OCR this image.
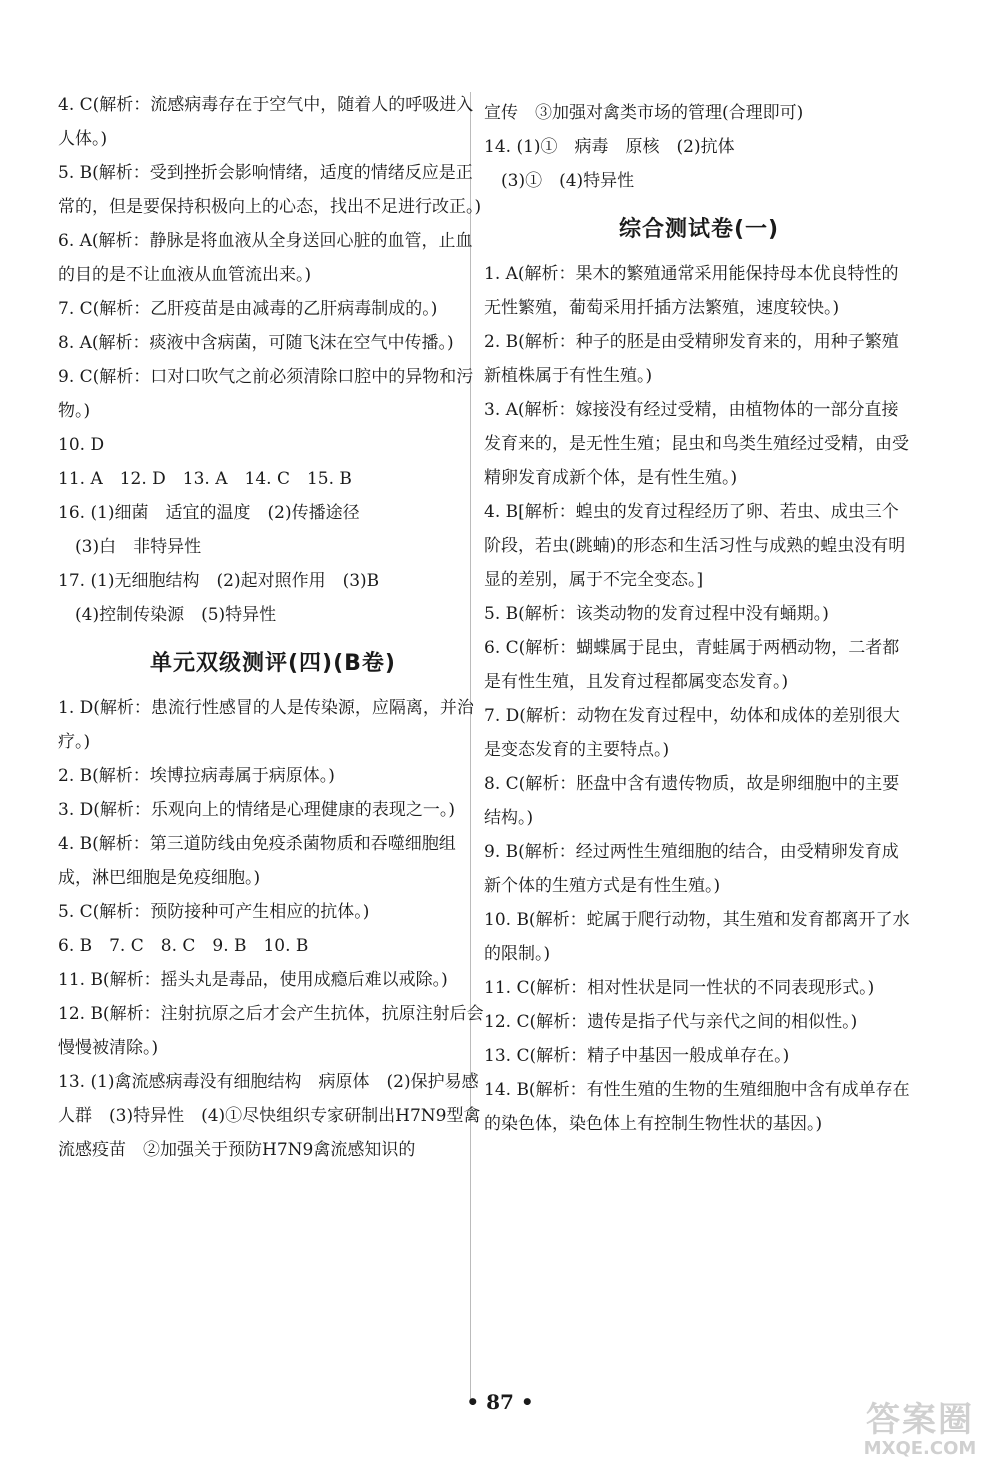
4. C(解析：流感病毒存在于空气中，随着人的呼吸进入人体。)

5. B(解析：受到挫折会影响情绪，适度的情绪反应是正常的，但是要保持积极向上的心态，找出不足进行改正。)

6. A(解析：静脉是将血液从全身送回心脏的血管，止血的目的是不让血液从血管流出来。)

7. C(解析：乙肝疫苗是由减毒的乙肝病毒制成的。)

8. A(解析：痰液中含病菌，可随飞沫在空气中传播。)

9. C(解析：口对口吹气之前必须清除口腔中的异物和污物。)

10. D

11. A　12. D　13. A　14. C　15. B

16. (1)细菌　适宜的温度　(2)传播途径
　(3)白　非特异性

17. (1)无细胞结构　(2)起对照作用　(3)B
　(4)控制传染源　(5)特异性

单元双级测评(四)(B卷)

1. D(解析：患流行性感冒的人是传染源，应隔离，并治疗。)

2. B(解析：埃博拉病毒属于病原体。)

3. D(解析：乐观向上的情绪是心理健康的表现之一。)

4. B(解析：第三道防线由免疫杀菌物质和吞噬细胞组成，淋巴细胞是免疫细胞。)

5. C(解析：预防接种可产生相应的抗体。)

6. B　7. C　8. C　9. B　10. B

11. B(解析：摇头丸是毒品，使用成瘾后难以戒除。)

12. B(解析：注射抗原之后才会产生抗体，抗原注射后会慢慢被清除。)

13. (1)禽流感病毒没有细胞结构　病原体　(2)保护易感人群　(3)特异性　(4)①尽快组织专家研制出H7N9型禽流感疫苗　②加强关于预防H7N9禽流感知识的

宣传　③加强对禽类市场的管理(合理即可)

14. (1)①　病毒　原核　(2)抗体
　(3)①　(4)特异性

综合测试卷(一)

1. A(解析：果木的繁殖通常采用能保持母本优良特性的无性繁殖，葡萄采用扦插方法繁殖，速度较快。)

2. B(解析：种子的胚是由受精卵发育来的，用种子繁殖新植株属于有性生殖。)

3. A(解析：嫁接没有经过受精，由植物体的一部分直接发育来的，是无性生殖；昆虫和鸟类生殖经过受精，由受精卵发育成新个体，是有性生殖。)

4. B[解析：蝗虫的发育过程经历了卵、若虫、成虫三个阶段，若虫(跳蝻)的形态和生活习性与成熟的蝗虫没有明显的差别，属于不完全变态。]

5. B(解析：该类动物的发育过程中没有蛹期。)

6. C(解析：蝴蝶属于昆虫，青蛙属于两栖动物，二者都是有性生殖，且发育过程都属变态发育。)

7. D(解析：动物在发育过程中，幼体和成体的差别很大是变态发育的主要特点。)

8. C(解析：胚盘中含有遗传物质，故是卵细胞中的主要结构。)

9. B(解析：经过两性生殖细胞的结合，由受精卵发育成新个体的生殖方式是有性生殖。)

10. B(解析：蛇属于爬行动物，其生殖和发育都离开了水的限制。)

11. C(解析：相对性状是同一性状的不同表现形式。)

12. C(解析：遗传是指子代与亲代之间的相似性。)

13. C(解析：精子中基因一般成单存在。)

14. B(解析：有性生殖的生物的生殖细胞中含有成单存在的染色体，染色体上有控制生物性状的基因。)

• 87 •	答案圈
MXQE.COM
